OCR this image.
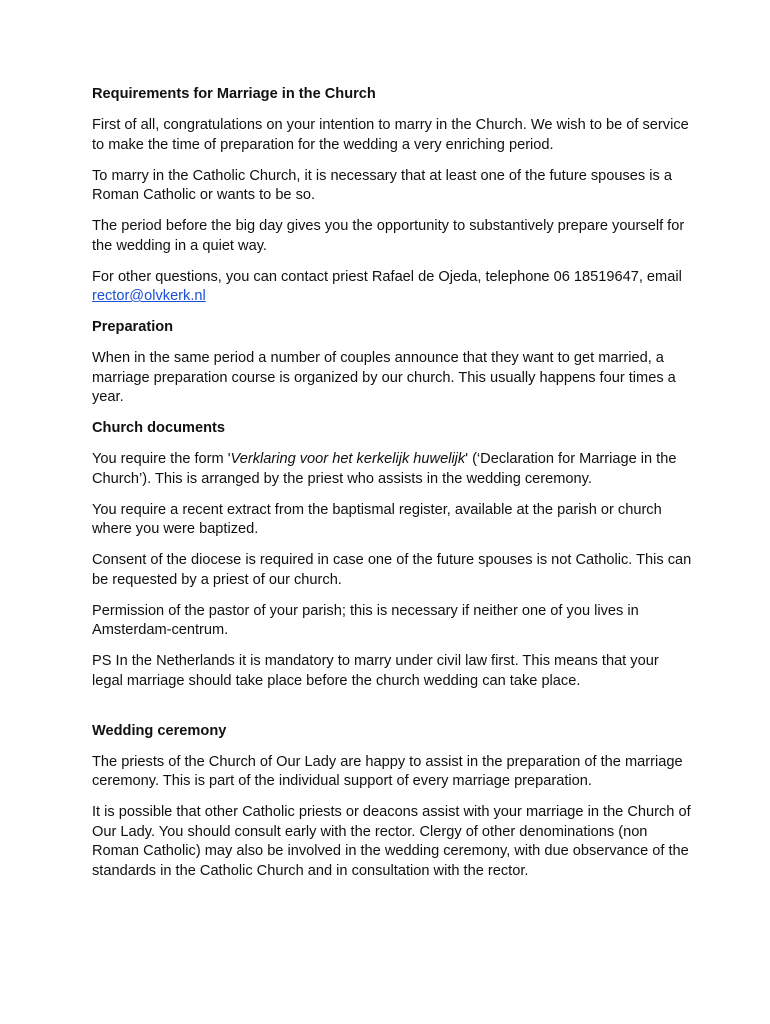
Requirements for Marriage in the Church

First of all, congratulations on your intention to marry in the Church. We wish to be of service to make the time of preparation for the wedding a very enriching period.

To marry in the Catholic Church, it is necessary that at least one of the future spouses is a Roman Catholic or wants to be so.

The period before the big day gives you the opportunity to substantively prepare yourself for the wedding in a quiet way.

For other questions, you can contact priest Rafael de Ojeda, telephone 06 18519647, email rector@olvkerk.nl

Preparation

When in the same period a number of couples announce that they want to get married, a marriage preparation course is organized by our church. This usually happens four times a year.

Church documents

You require the form 'Verklaring voor het kerkelijk huwelijk' (‘Declaration for Marriage in the Church’). This is arranged by the priest who assists in the wedding ceremony.

You require a recent extract from the baptismal register, available at the parish or church where you were baptized.

Consent of the diocese is required in case one of the future spouses is not Catholic. This can be requested by a priest of our church.

Permission of the pastor of your parish; this is necessary if neither one of you lives in Amsterdam-centrum.

PS In the Netherlands it is mandatory to marry under civil law first. This means that your legal marriage should take place before the church wedding can take place.

Wedding ceremony

The priests of the Church of Our Lady are happy to assist in the preparation of the marriage ceremony. This is part of the individual support of every marriage preparation.

It is possible that other Catholic priests or deacons assist with your marriage in the Church of Our Lady. You should consult early with the rector. Clergy of other denominations (non Roman Catholic) may also be involved in the wedding ceremony, with due observance of the standards in the Catholic Church and in consultation with the rector.
